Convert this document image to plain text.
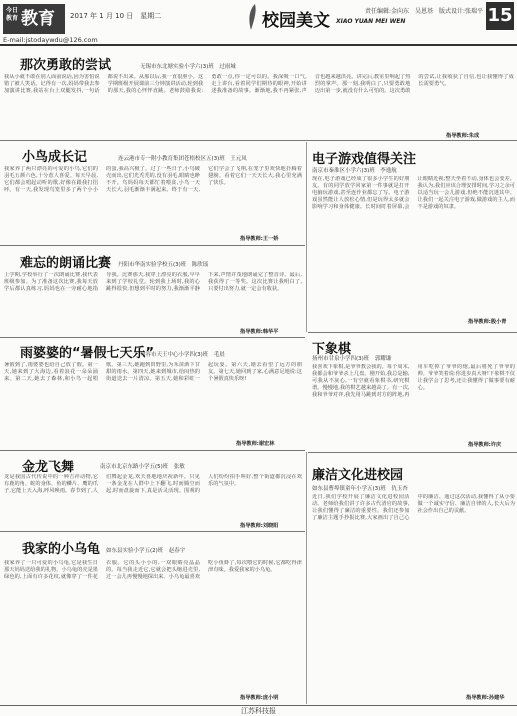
今日教育 教育	2017 年 1 月 10 日　星期二
E-mail:jstodaywdu@126.com
校园美文 XIAO YUAN MEI WEN
责任编辑:金向东　吴恩基　版式设计:张瑞平 15
那次勇敢的尝试	无锡市东北塘实验小学六(3)班　过雨城
我从小就不敢在别人面前说话,因为害怕说错了被人笑话。记得有一次,妈妈带我去参加演讲比赛,我站在台上双腿发抖,一句话都说不出来。从那以后,我一直很胆小。这学期班级开展课前三分钟演讲活动,轮到我的那天,我的心怦怦直跳。老师鼓励我说:勇敢一点,你一定可以的。我深吸一口气,走上讲台,看着同学们期待的眼神,开始讲述我准备的故事。渐渐地,我不再紧张,声音也越来越洪亮。讲完后,教室里响起了热烈的掌声。那一刻,我明白了,只要勇敢地迈出第一步,就没有什么可怕的。这次勇敢的尝试,让我收获了自信,也让我懂得了成长需要勇气。
指导教师:朱成
小鸟成长记	连云港市专一附小教育集团苍梧校区五(3)班　王元凤
我家养了两只漂亮的可爱的小鸟,它们的羽毛五颜六色,十分惹人喜爱。每天早晨,它们都会唱起动听的歌,好像在跟我打招呼。有一天,我发现鸟笼里多了两个小小的蛋,我高兴极了。过了一些日子,小鸟破壳而出,它们光秃秃的,没有羽毛,眼睛也睁不开。鸟妈妈每天都忙着喂食,小鸟一天天长大,羽毛渐渐丰满起来。终于有一天,它们学会了飞翔,在笼子里欢快地扑腾着翅膀。看着它们一天天长大,我心里充满了快乐。
指导教师:王一娇
电子游戏值得关注
南京市秦淮区小学六(3)班　李逸航
现在,电子游戏已经成了很多小学生的好朋友。有的同学放学回家第一件事就是打开电脑玩游戏,甚至连作业都忘了写。电子游戏虽然能让人放松心情,但是玩得太多就会影响学习和身体健康。长时间盯着屏幕,会让眼睛近视;整天坐着不动,身体也会变差。我认为,我们应该合理安排时间,学习之余可以适当玩一会儿游戏,但绝不能沉迷其中。让我们一起关注电子游戏,做游戏的主人,而不是游戏的奴隶。
指导教师:殷小青
难忘的朗诵比赛 丹阳市华南实验学校五(3)班　陈欣瑶
上学期,学校举行了一次朗诵比赛,我代表班级参加。为了准备这次比赛,我每天放学后都认真练习,妈妈也在一旁耐心地指导我。比赛那天,我穿上漂亮的衣服,早早来到了学校礼堂。轮到我上场时,我的心跳得很快,但想到平时的努力,我渐渐平静下来,声情并茂地朗诵完了整首诗。最后,我获得了一等奖。这次比赛让我明白了,只要付出努力,就一定会有收获。
指导教师:韩华平
下象棋
扬州市甘泉小学四(3)班　郭耀谦
我喜欢下象棋,是爷爷教会我的。每个周末,我都会和爷爷杀上几盘。刚开始,我总是输,可我从不灰心,一有空就看象棋书,研究棋谱。慢慢地,我的棋艺越来越高了。有一次,我和爷爷对弈,我先用马跳到对方的阵地,再用车吃掉了爷爷的炮,最后将死了爷爷的帅。爷爷笑着说:你进步真大呀!下象棋不仅让我学会了思考,还让我懂得了做事要有耐心。
指导教师:许庆
雨婆婆的“暑假七天乐”
句容市天王中心小学四(3)班　毛晨
暑假到了,雨婆婆也给自己放了假。第一天,她来到了大海边,看着浪花一朵朵涌来。第二天,她去了森林,和小鸟一起唱歌。第三天,她跑到田野里,为禾苗洒下甘甜的雨水。第四天,她来到城市,给闷热的街道送去一片清凉。第五天,她和彩虹一起玩耍。第六天,她去看望了远方的朋友。第七天,她回到了家,心满意足地说:这个暑假真快乐呀!
指导教师:谢宏林
金龙飞舞	南京市北京东路小学五(5)班　张敏
龙是我国古代传说中的一种吉祥动物,它有鹿的角、蛇的身体、鱼的鳞片、鹰的爪子,它能上天入海,呼风唤雨。春节到了,人们舞起金龙,欢天喜地地庆祝新年。只见一条金龙在人群中上下翻飞,时而腾空而起,时而盘旋而下,真是活灵活现。围观的人们纷纷拍手叫好,整个街道都沉浸在欢乐的气氛中。
指导教师:刘晓阳
廉洁文化进校园
如东县曹埠镇童年小学五(3)班　仇玉杏
近日,我们学校开展了廉洁文化进校园活动。老师给我们讲了许多古代清官的故事,让我们懂得了廉洁的重要性。我们还参加了廉洁主题手抄报比赛,大家画出了自己心中的廉洁。通过这次活动,我懂得了从小要做一个诚实守信、廉洁自律的人,长大后为社会作出自己的贡献。
指导教师:孙建华
我家的小乌龟 如东县实验小学五(2)班　赵春宇
我家养了一只可爱的小乌龟,它是我生日那天妈妈送给我的礼物。小乌龟的壳是墨绿色的,上面有许多花纹,就像穿了一件花衣服。它的头小小的,一双眼睛亮晶晶的。每当我走近它,它就会把头缩进壳里,过一会儿再慢慢地探出来。小乌龟最喜欢吃小鱼虾了,每次喂它的时候,它都吃得津津有味。我爱我家的小乌龟。
指导教师:庞小明
江苏科技报
